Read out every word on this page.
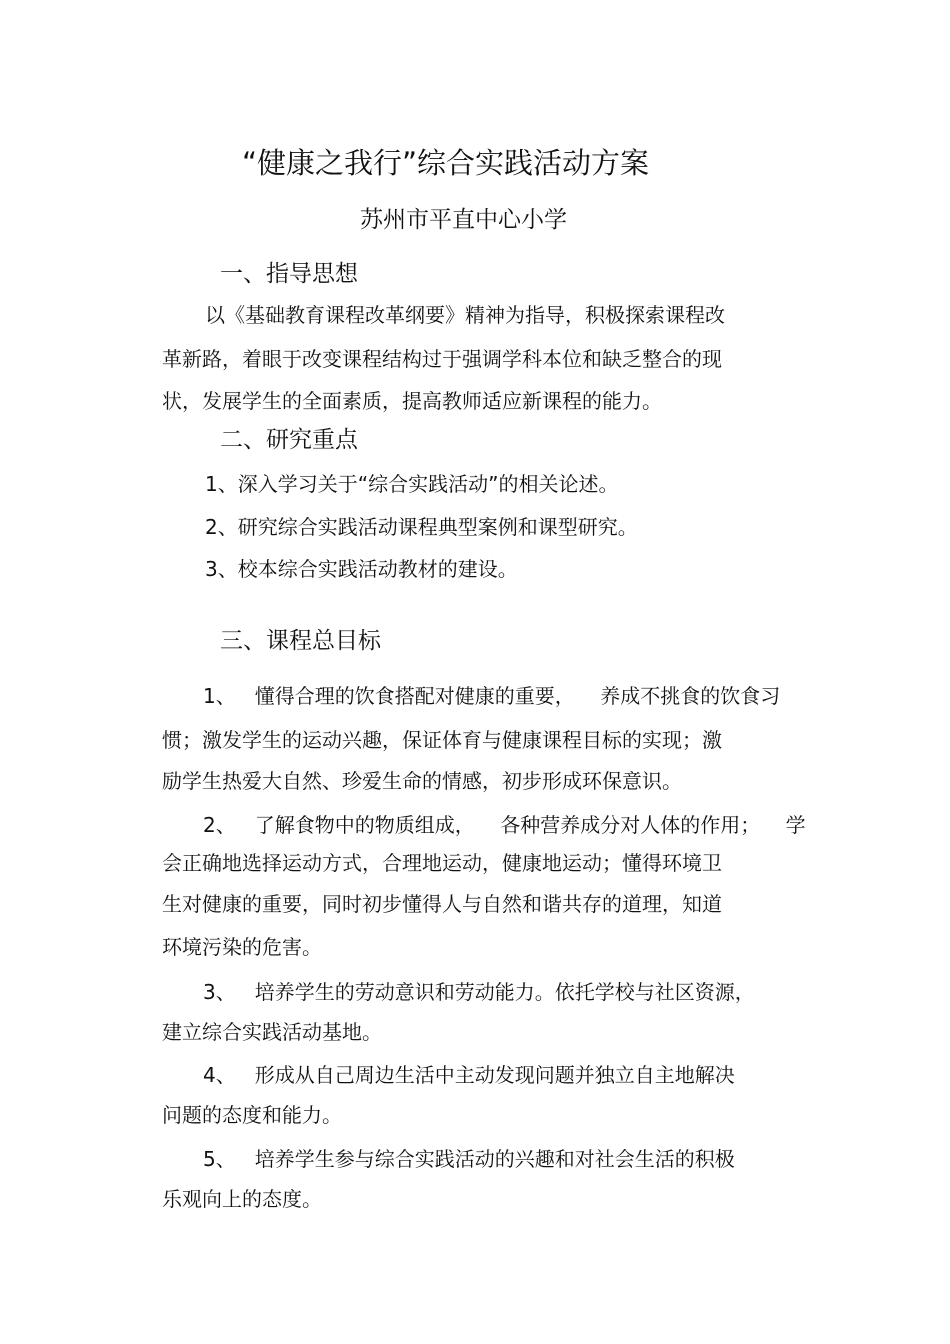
“健康之我行”综合实践活动方案
苏州市平直中心小学
一、指导思想
以《基础教育课程改革纲要》精神为指导，积极探索课程改
革新路，着眼于改变课程结构过于强调学科本位和缺乏整合的现
状，发展学生的全面素质，提高教师适应新课程的能力。
二、研究重点
1、深入学习关于“综合实践活动”的相关论述。
2、研究综合实践活动课程典型案例和课型研究。
3、校本综合实践活动教材的建设。
三、课程总目标
1、   懂得合理的饮食搭配对健康的重要，    养成不挑食的饮食习
惯；激发学生的运动兴趣，保证体育与健康课程目标的实现；激
励学生热爱大自然、珍爱生命的情感，初步形成环保意识。
2、   了解食物中的物质组成，    各种营养成分对人体的作用；    学
会正确地选择运动方式，合理地运动，健康地运动；懂得环境卫
生对健康的重要，同时初步懂得人与自然和谐共存的道理，知道
环境污染的危害。
3、   培养学生的劳动意识和劳动能力。依托学校与社区资源，
建立综合实践活动基地。
4、   形成从自己周边生活中主动发现问题并独立自主地解决
问题的态度和能力。
5、   培养学生参与综合实践活动的兴趣和对社会生活的积极
乐观向上的态度。
